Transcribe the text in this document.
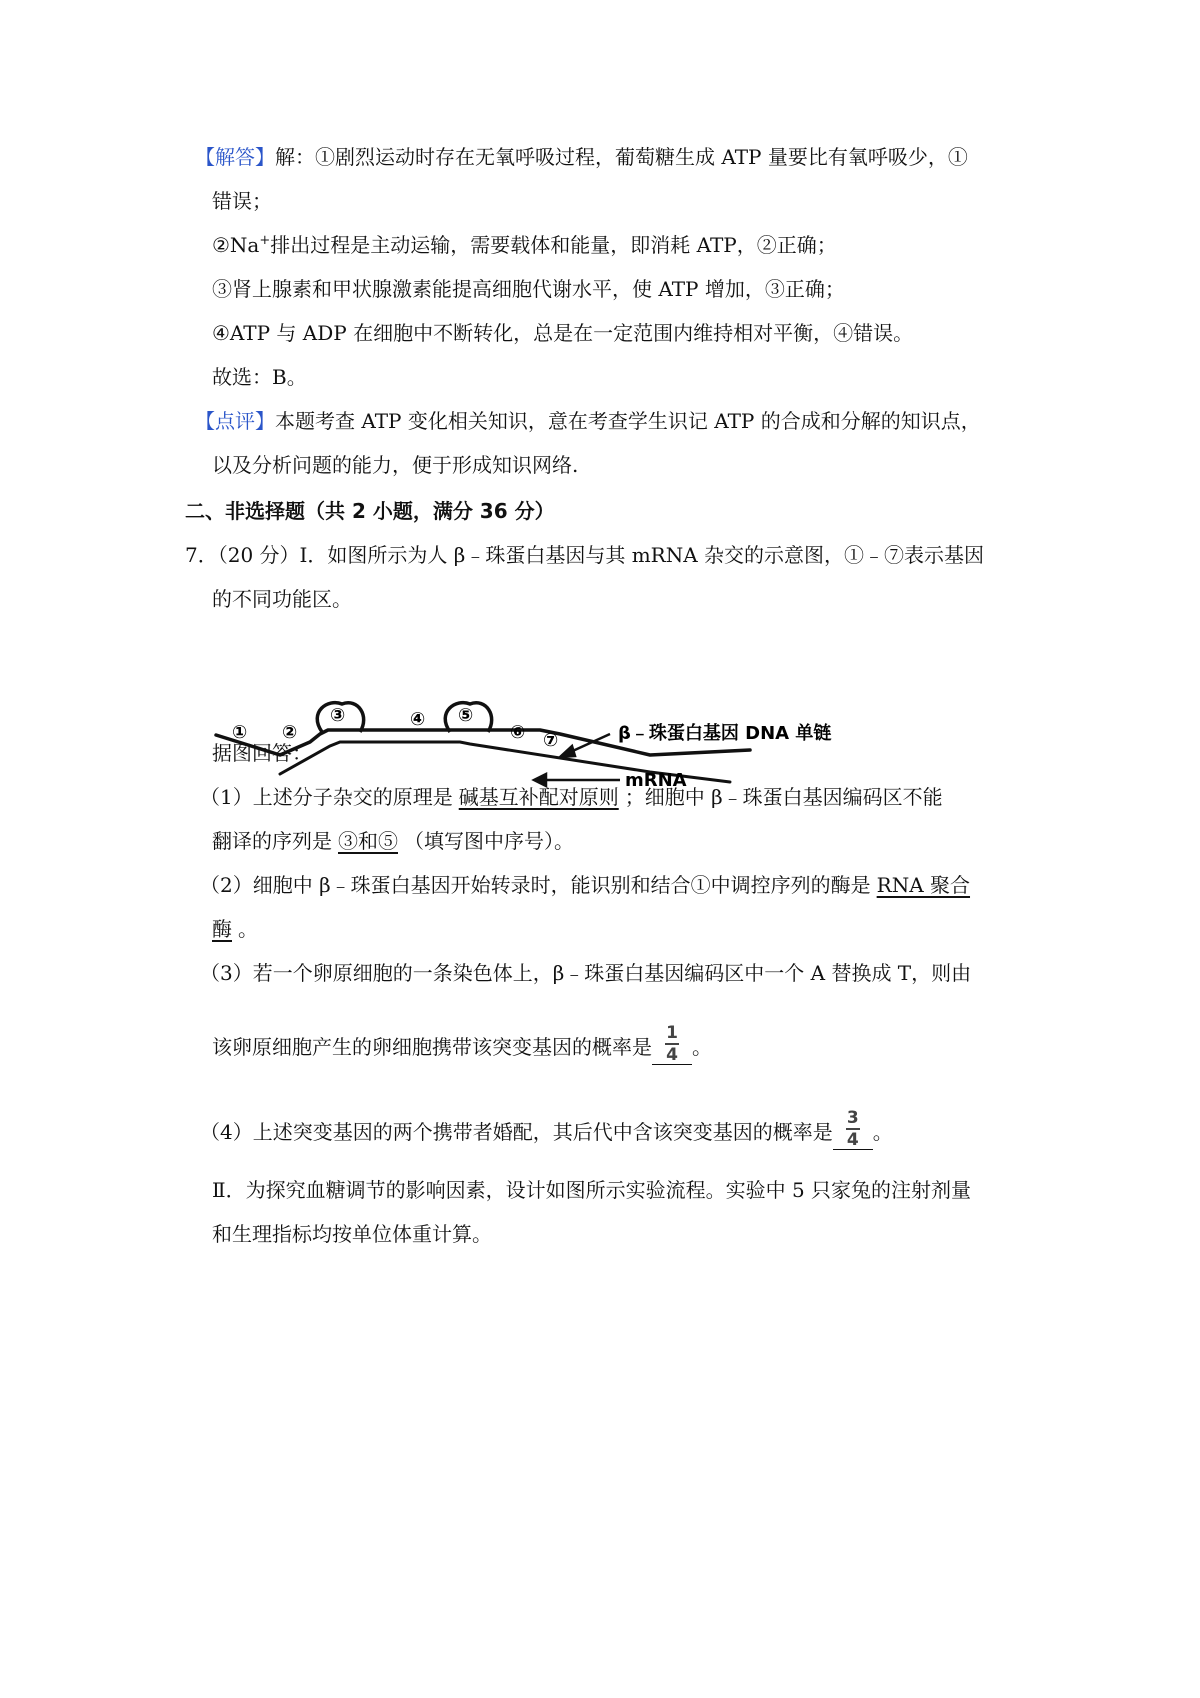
【解答】解：①剧烈运动时存在无氧呼吸过程，葡萄糖生成 ATP 量要比有氧呼吸少，①
错误；
②Na+排出过程是主动运输，需要载体和能量，即消耗 ATP，②正确；
③肾上腺素和甲状腺激素能提高细胞代谢水平，使 ATP 增加，③正确；
④ATP 与 ADP 在细胞中不断转化，总是在一定范围内维持相对平衡，④错误。
故选：B。
【点评】本题考查 ATP 变化相关知识，意在考查学生识记 ATP 的合成和分解的知识点，
以及分析问题的能力，便于形成知识网络.
二、非选择题（共 2 小题，满分 36 分）
7．（20 分）Ⅰ．如图所示为人 β﹣珠蛋白基因与其 mRNA 杂交的示意图，①﹣⑦表示基因
的不同功能区。
① ②
③	④ ⑤
⑥ ⑦	β﹣珠蛋白基因 DNA 单链
mRNA
据图回答：
（1）上述分子杂交的原理是 碱基互补配对原则 ；细胞中 β﹣珠蛋白基因编码区不能
翻译的序列是 ③和⑤ （填写图中序号）。
（2）细胞中 β﹣珠蛋白基因开始转录时，能识别和结合①中调控序列的酶是 RNA 聚合
酶 。
（3）若一个卵原细胞的一条染色体上，β﹣珠蛋白基因编码区中一个 A 替换成 T，则由
该卵原细胞产生的卵细胞携带该突变基因的概率是 $\frac{1}{4}$ 。
（4）上述突变基因的两个携带者婚配，其后代中含该突变基因的概率是 $\frac{3}{4}$ 。
Ⅱ．为探究血糖调节的影响因素，设计如图所示实验流程。实验中 5 只家兔的注射剂量
和生理指标均按单位体重计算。
